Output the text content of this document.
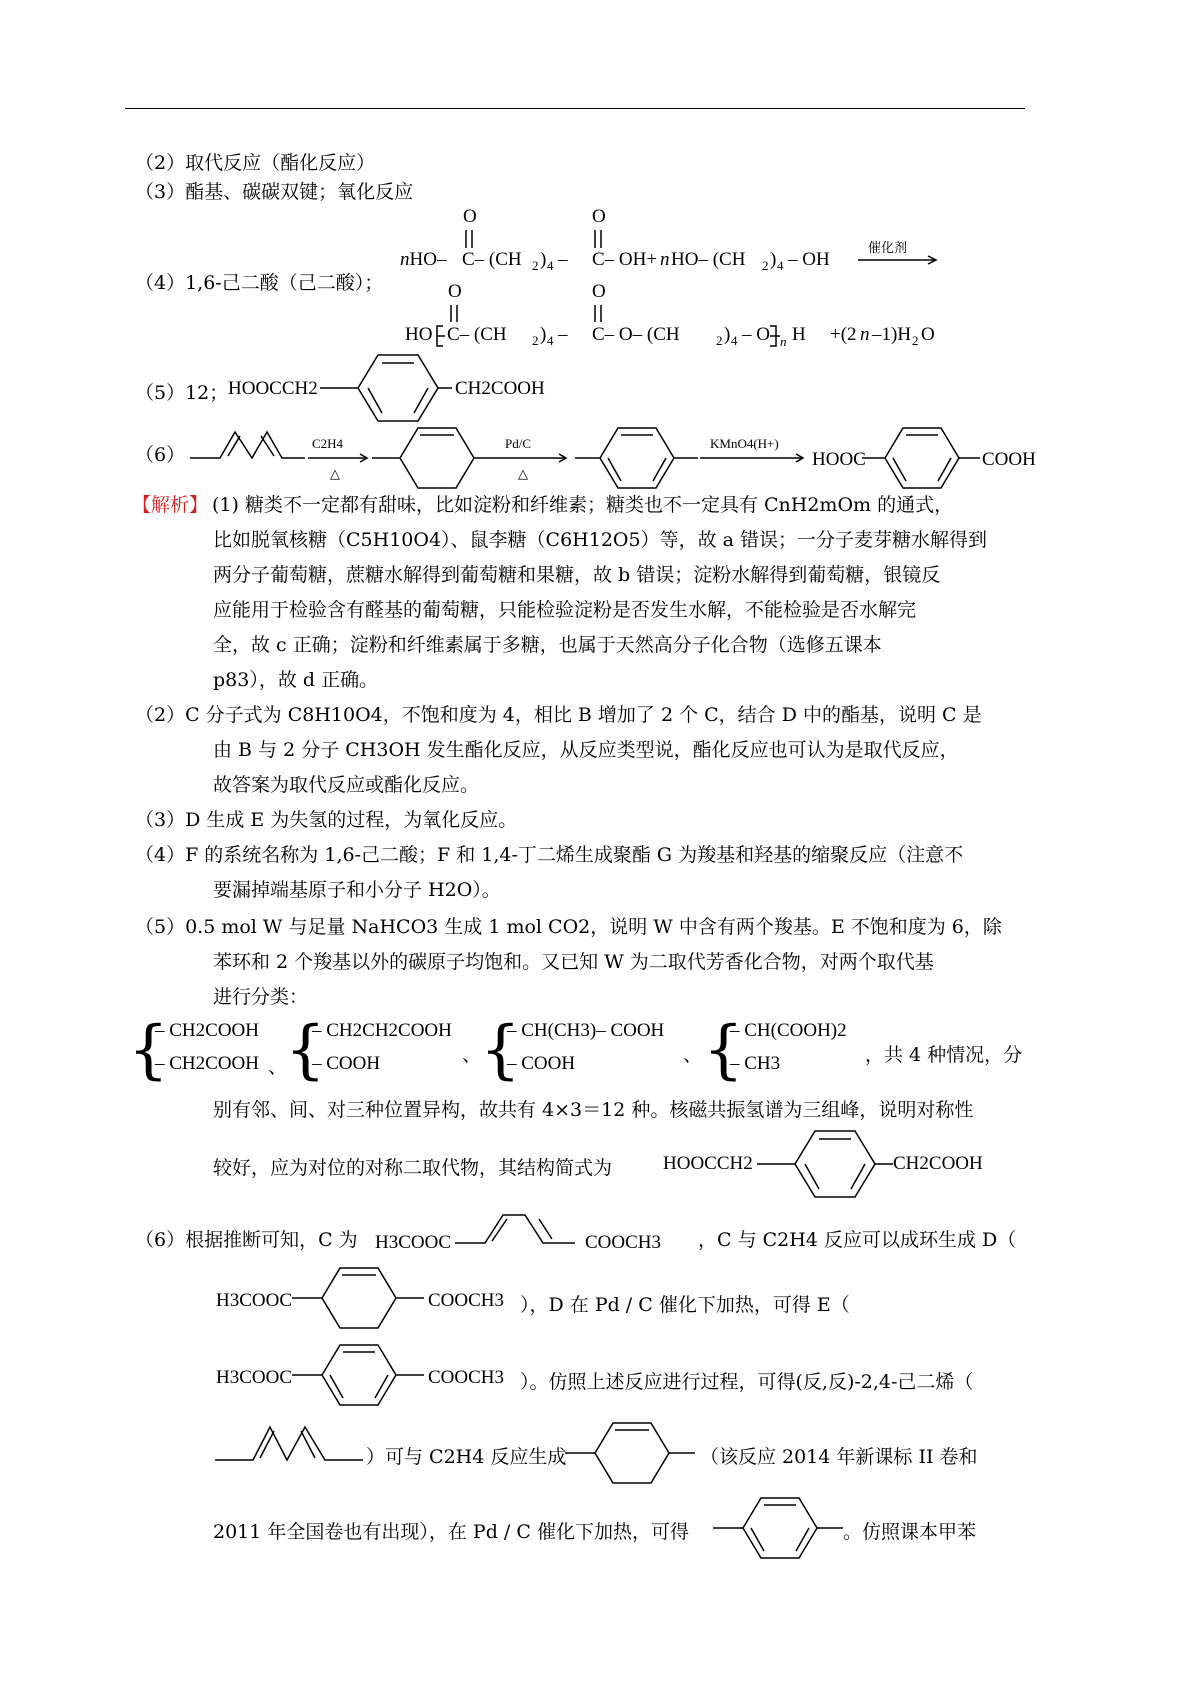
（2）取代反应（酯化反应）
（3）酯基、碳碳双键；氧化反应
（4）1,6-己二酸（己二酸）；
nHO– C– (CH 2 ) 4 – C– OH+ n HO– (CH 2 ) 4 – OH
O	O
催化剂
HO C– (CH 2 ) 4 – C– O– (CH	2 ) 4 – O n H +(2 n –1)H 2 O
O	O
（5）12； HOOCCH2	CH2COOH
（6）
C2H4
△
Pd/C
△
KMnO4(H+)
HOOC	COOH
【解析】 (1) 糖类不一定都有甜味，比如淀粉和纤维素；糖类也不一定具有 CnH2mOm 的通式，
比如脱氧核糖（C5H10O4）、鼠李糖（C6H12O5）等，故 a 错误；一分子麦芽糖水解得到
两分子葡萄糖，蔗糖水解得到葡萄糖和果糖，故 b 错误；淀粉水解得到葡萄糖，银镜反
应能用于检验含有醛基的葡萄糖，只能检验淀粉是否发生水解，不能检验是否水解完
全，故 c 正确；淀粉和纤维素属于多糖，也属于天然高分子化合物（选修五课本
p83），故 d 正确。
（2）C 分子式为 C8H10O4，不饱和度为 4，相比 B 增加了 2 个 C，结合 D 中的酯基，说明 C 是
由 B 与 2 分子 CH3OH 发生酯化反应，从反应类型说，酯化反应也可认为是取代反应，
故答案为取代反应或酯化反应。
（3）D 生成 E 为失氢的过程，为氧化反应。
（4）F 的系统名称为 1,6-己二酸；F 和 1,4-丁二烯生成聚酯 G 为羧基和羟基的缩聚反应（注意不
要漏掉端基原子和小分子 H2O）。
（5）0.5 mol W 与足量 NaHCO3 生成 1 mol CO2，说明 W 中含有两个羧基。E 不饱和度为 6，除
苯环和 2 个羧基以外的碳原子均饱和。又已知 W 为二取代芳香化合物，对两个取代基
进行分类：
{
– CH2COOH
– CH2COOH 、
{
– CH2CH2COOH
– COOH	、
{
– CH(CH3)– COOH
– COOH	、 {
– CH(COOH)2
– CH3	，共 4 种情况，分
别有邻、间、对三种位置异构，故共有 4×3＝12 种。核磁共振氢谱为三组峰，说明对称性
较好，应为对位的对称二取代物，其结构简式为	HOOCCH2	CH2COOH
（6）根据推断可知，C 为 H3COOC	COOCH3 ，C 与 C2H4 反应可以成环生成 D（
H3COOC	COOCH3 ），D 在 Pd / C 催化下加热，可得 E（
H3COOC	COOCH3 ）。仿照上述反应进行过程，可得(反,反)-2,4-己二烯（
）可与 C2H4 反应生成	（该反应 2014 年新课标 II 卷和
2011 年全国卷也有出现），在 Pd / C 催化下加热，可得	。仿照课本甲苯
